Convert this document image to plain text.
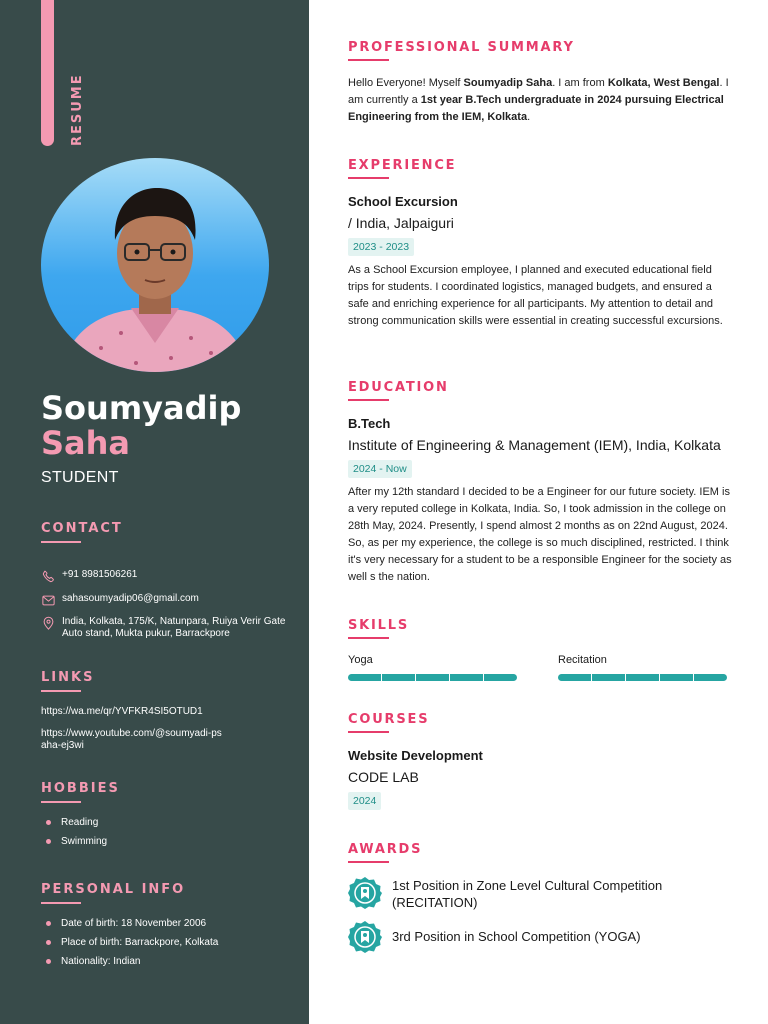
RESUME
Soumyadip
Saha
STUDENT
CONTACT
+91 8981506261
sahasoumyadip06@gmail.com
India, Kolkata, 175/K, Natunpara, Ruiya Verir Gate Auto stand, Mukta pukur, Barrackpore
LINKS
https://wa.me/qr/YVFKR4SI5OTUD1
https://www.youtube.com/@soumyadi-psaha-ej3wi
HOBBIES
Reading
Swimming
PERSONAL INFO
Date of birth: 18 November 2006
Place of birth: Barrackpore, Kolkata
Nationality: Indian
PROFESSIONAL SUMMARY
Hello Everyone! Myself Soumyadip Saha. I am from Kolkata, West Bengal. I am currently a 1st year B.Tech undergraduate in 2024 pursuing Electrical Engineering from the IEM, Kolkata.
EXPERIENCE
School Excursion
/ India, Jalpaiguri
2023 - 2023
As a School Excursion employee, I planned and executed educational field trips for students. I coordinated logistics, managed budgets, and ensured a safe and enriching experience for all participants. My attention to detail and strong communication skills were essential in creating successful excursions.
EDUCATION
B.Tech
Institute of Engineering & Management (IEM), India, Kolkata
2024 - Now
After my 12th standard I decided to be a Engineer for our future society. IEM is a very reputed college in Kolkata, India. So, I took admission in the college on 28th May, 2024. Presently, I spend almost 2 months as on 22nd August, 2024. So, as per my experience, the college is so much disciplined, restricted. I think it's very necessary for a student to be a responsible Engineer for the society as well s the nation.
SKILLS
Yoga	Recitation
COURSES
Website Development
CODE LAB
2024
AWARDS
1st Position in Zone Level Cultural Competition (RECITATION)
3rd Position in School Competition (YOGA)
